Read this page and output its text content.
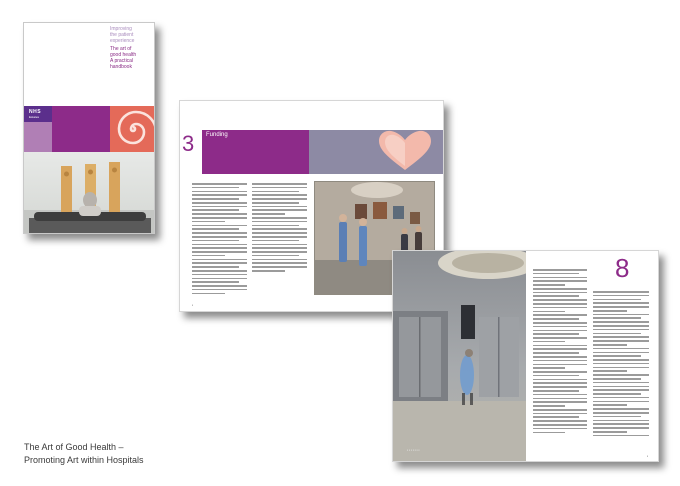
Improving
the patient
experience
The art of
good health
A practical
handbook
NHS
Estates
3 Funding
▪
▪ ▪ ▪ ▪ ▪ ▪ ▪
8
▪
The Art of Good Health –
Promoting Art within Hospitals
